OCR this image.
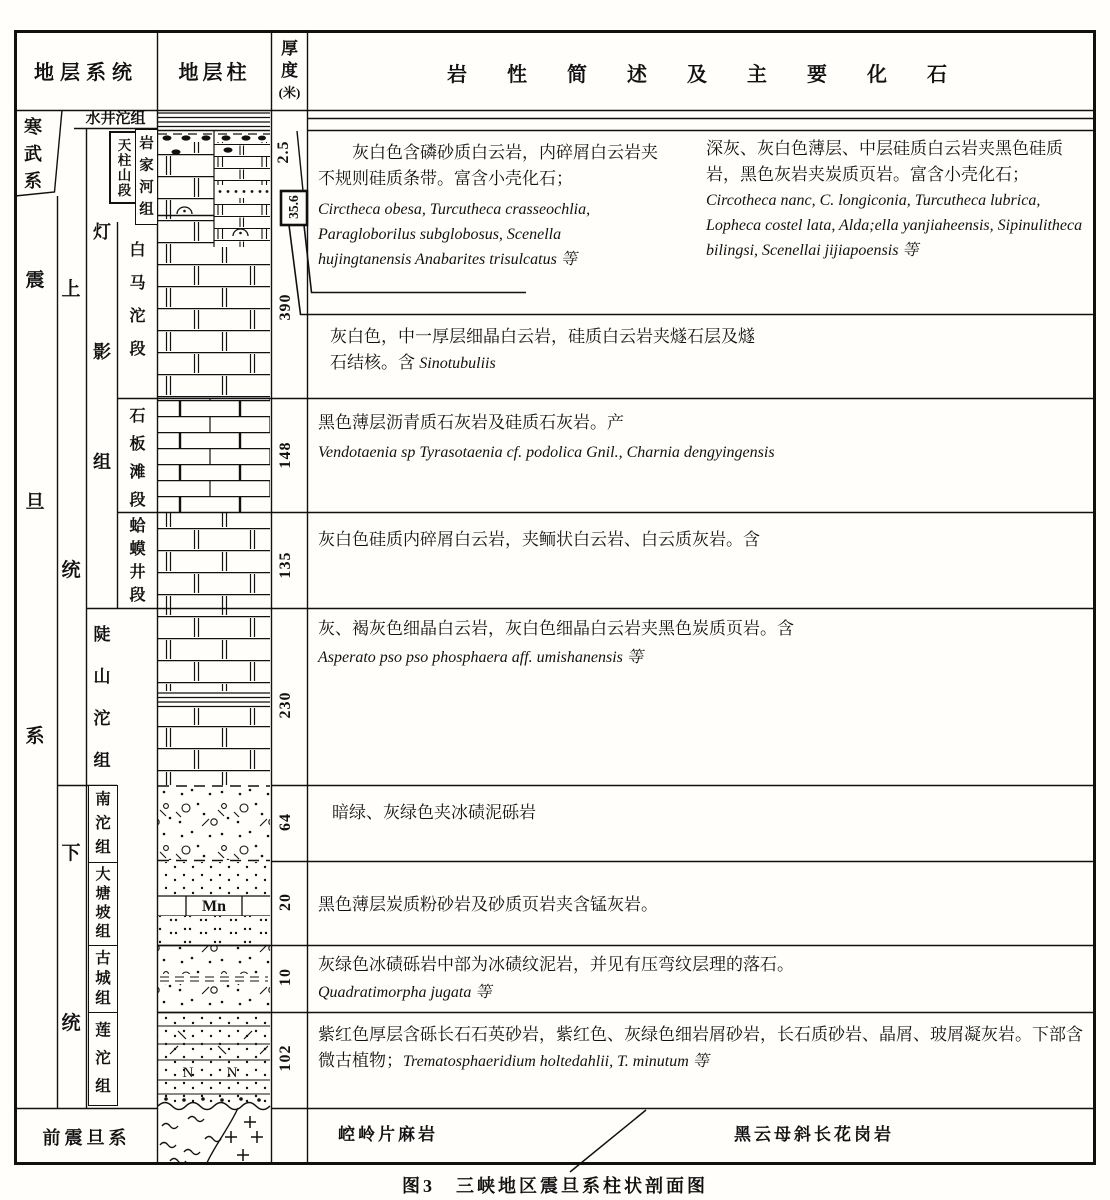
Mn
N N
地层系统	地层柱
厚
度
(米)
岩　性　简　述　及　主　要　化　石
寒武系
震
旦
系
上
统
下
统
水井沱组
天柱山段
岩家河组
灯
影
组
白马沱段
石板滩段
蛤蟆井段
陡山沱组
南沱组
大塘坡组
古城组
莲沱组
前震旦系
2.5
35.6
390
148
135
230
64
20
10
102
灰白色含磷砂质白云岩，内碎屑白云岩夹不规则硅质条带。富含小壳化石；
Circtheca obesa, Turcutheca crasseochlia, Paragloborilus subglobosus, Scenella hujingtanensis Anabarites trisulcatus 等
深灰、灰白色薄层、中层硅质白云岩夹黑色硅质岩，黑色灰岩夹炭质页岩。富含小壳化石； Circotheca nanc, C. longiconia, Turcutheca lubrica, Lopheca costel lata, Alda;ella yanjiaheensis, Sipinulitheca bilingsi, Scenellai jijiapoensis 等
灰白色，中一厚层细晶白云岩，硅质白云岩夹燧石层及燧石结核。含 Sinotubuliis
黑色薄层沥青质石灰岩及硅质石灰岩。产
Vendotaenia sp Tyrasotaenia cf. podolica Gnil., Charnia dengyingensis
灰白色硅质内碎屑白云岩，夹鲕状白云岩、白云质灰岩。含
灰、褐灰色细晶白云岩，灰白色细晶白云岩夹黑色炭质页岩。含
Asperato pso pso phosphaera aff. umishanensis 等
暗绿、灰绿色夹冰碛泥砾岩
黑色薄层炭质粉砂岩及砂质页岩夹含锰灰岩。
灰绿色冰碛砾岩中部为冰碛纹泥岩，并见有压弯纹层理的落石。
Quadratimorpha jugata 等
紫红色厚层含砾长石石英砂岩，紫红色、灰绿色细岩屑砂岩，长石质砂岩、晶屑、玻屑凝灰岩。下部含微古植物；Trematosphaeridium holtedahlii, T. minutum 等
崆岭片麻岩	黑云母斜长花岗岩
图3　三峡地区震旦系柱状剖面图
